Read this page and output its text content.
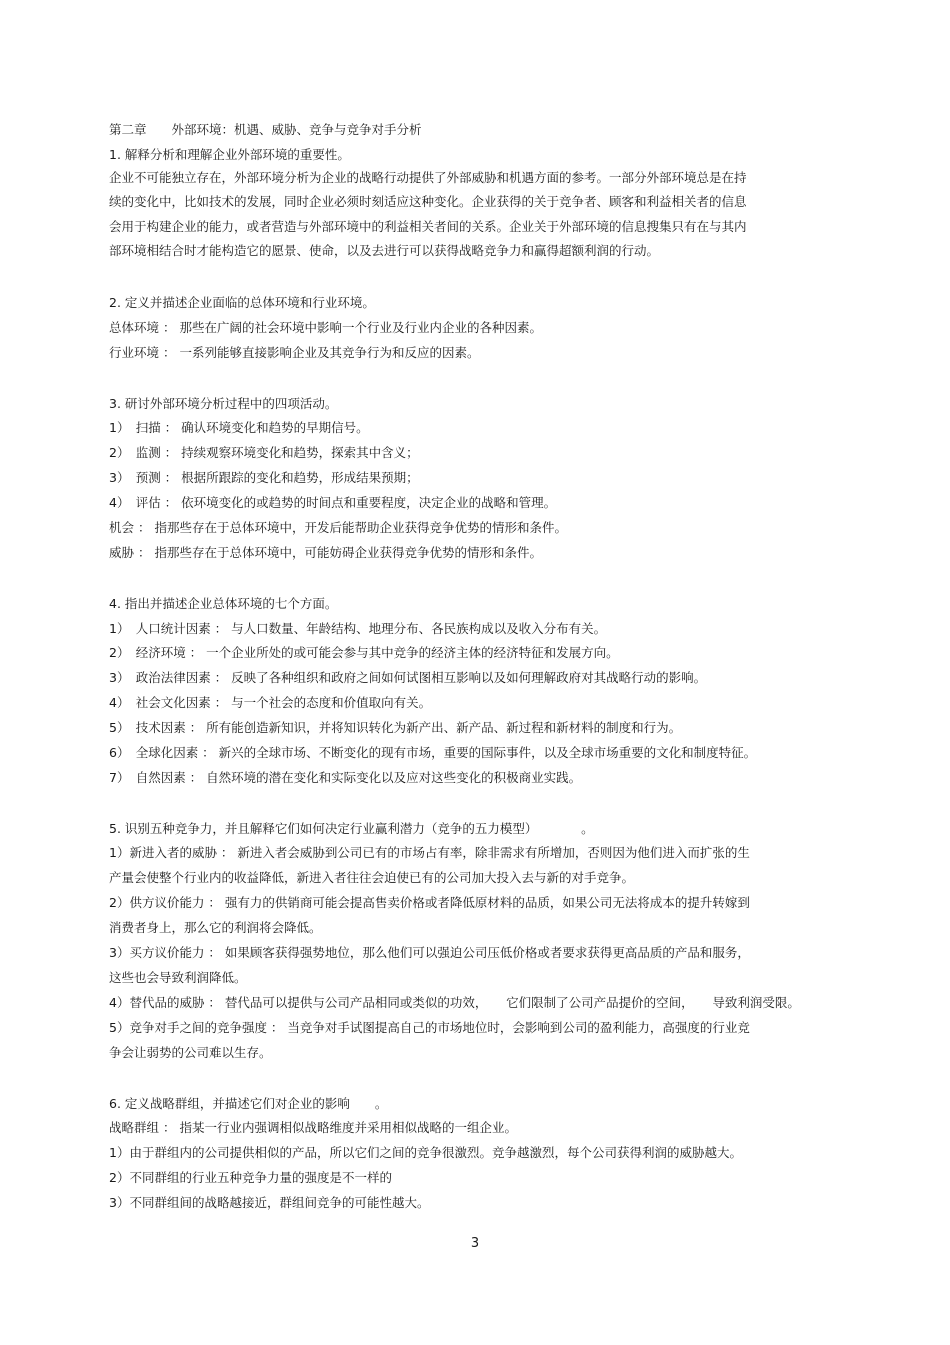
第二章　　外部环境：机遇、威胁、竞争与竞争对手分析
1. 解释分析和理解企业外部环境的重要性。
企业不可能独立存在，外部环境分析为企业的战略行动提供了外部威胁和机遇方面的参考。一部分外部环境总是在持
续的变化中，比如技术的发展，同时企业必须时刻适应这种变化。企业获得的关于竞争者、顾客和利益相关者的信息
会用于构建企业的能力，或者营造与外部环境中的利益相关者间的关系。企业关于外部环境的信息搜集只有在与其内
部环境相结合时才能构造它的愿景、使命，以及去进行可以获得战略竞争力和赢得超额利润的行动。
2. 定义并描述企业面临的总体环境和行业环境。
总体环境 ： 那些在广阔的社会环境中影响一个行业及行业内企业的各种因素。
行业环境 ： 一系列能够直接影响企业及其竞争行为和反应的因素。
3. 研讨外部环境分析过程中的四项活动。
1）　扫描 ： 确认环境变化和趋势的早期信号。
2）　监测 ： 持续观察环境变化和趋势，探索其中含义；
3）　预测 ： 根据所跟踪的变化和趋势，形成结果预期；
4）　评估 ： 依环境变化的或趋势的时间点和重要程度，决定企业的战略和管理。
机会 ： 指那些存在于总体环境中，开发后能帮助企业获得竞争优势的情形和条件。
威胁 ： 指那些存在于总体环境中，可能妨碍企业获得竞争优势的情形和条件。
4. 指出并描述企业总体环境的七个方面。
1）　人口统计因素 ： 与人口数量、年龄结构、地理分布、各民族构成以及收入分布有关。
2）　经济环境 ： 一个企业所处的或可能会参与其中竞争的经济主体的经济特征和发展方向。
3）　政治法律因素 ： 反映了各种组织和政府之间如何试图相互影响以及如何理解政府对其战略行动的影响。
4）　社会文化因素 ： 与一个社会的态度和价值取向有关。
5）　技术因素 ： 所有能创造新知识，并将知识转化为新产出、新产品、新过程和新材料的制度和行为。
6）　全球化因素 ： 新兴的全球市场、不断变化的现有市场，重要的国际事件，以及全球市场重要的文化和制度特征。
7）　自然因素 ： 自然环境的潜在变化和实际变化以及应对这些变化的积极商业实践。
5. 识别五种竞争力，并且解释它们如何决定行业赢利潜力（竞争的五力模型）　　　　。
1）新进入者的威胁 ： 新进入者会威胁到公司已有的市场占有率，除非需求有所增加，否则因为他们进入而扩张的生
产量会使整个行业内的收益降低，新进入者往往会迫使已有的公司加大投入去与新的对手竞争。
2）供方议价能力 ： 强有力的供销商可能会提高售卖价格或者降低原材料的品质，如果公司无法将成本的提升转嫁到
消费者身上，那么它的利润将会降低。
3）买方议价能力 ： 如果顾客获得强势地位，那么他们可以强迫公司压低价格或者要求获得更高品质的产品和服务，
这些也会导致利润降低。
4）替代品的威胁 ： 替代品可以提供与公司产品相同或类似的功效，　　它们限制了公司产品提价的空间，　　导致利润受限。
5）竞争对手之间的竞争强度 ： 当竞争对手试图提高自己的市场地位时，会影响到公司的盈利能力，高强度的行业竞
争会让弱势的公司难以生存。
6. 定义战略群组，并描述它们对企业的影响　　。
战略群组 ： 指某一行业内强调相似战略维度并采用相似战略的一组企业。
1）由于群组内的公司提供相似的产品，所以它们之间的竞争很激烈。竞争越激烈，每个公司获得利润的威胁越大。
2）不同群组的行业五种竞争力量的强度是不一样的
3）不同群组间的战略越接近，群组间竞争的可能性越大。
3
